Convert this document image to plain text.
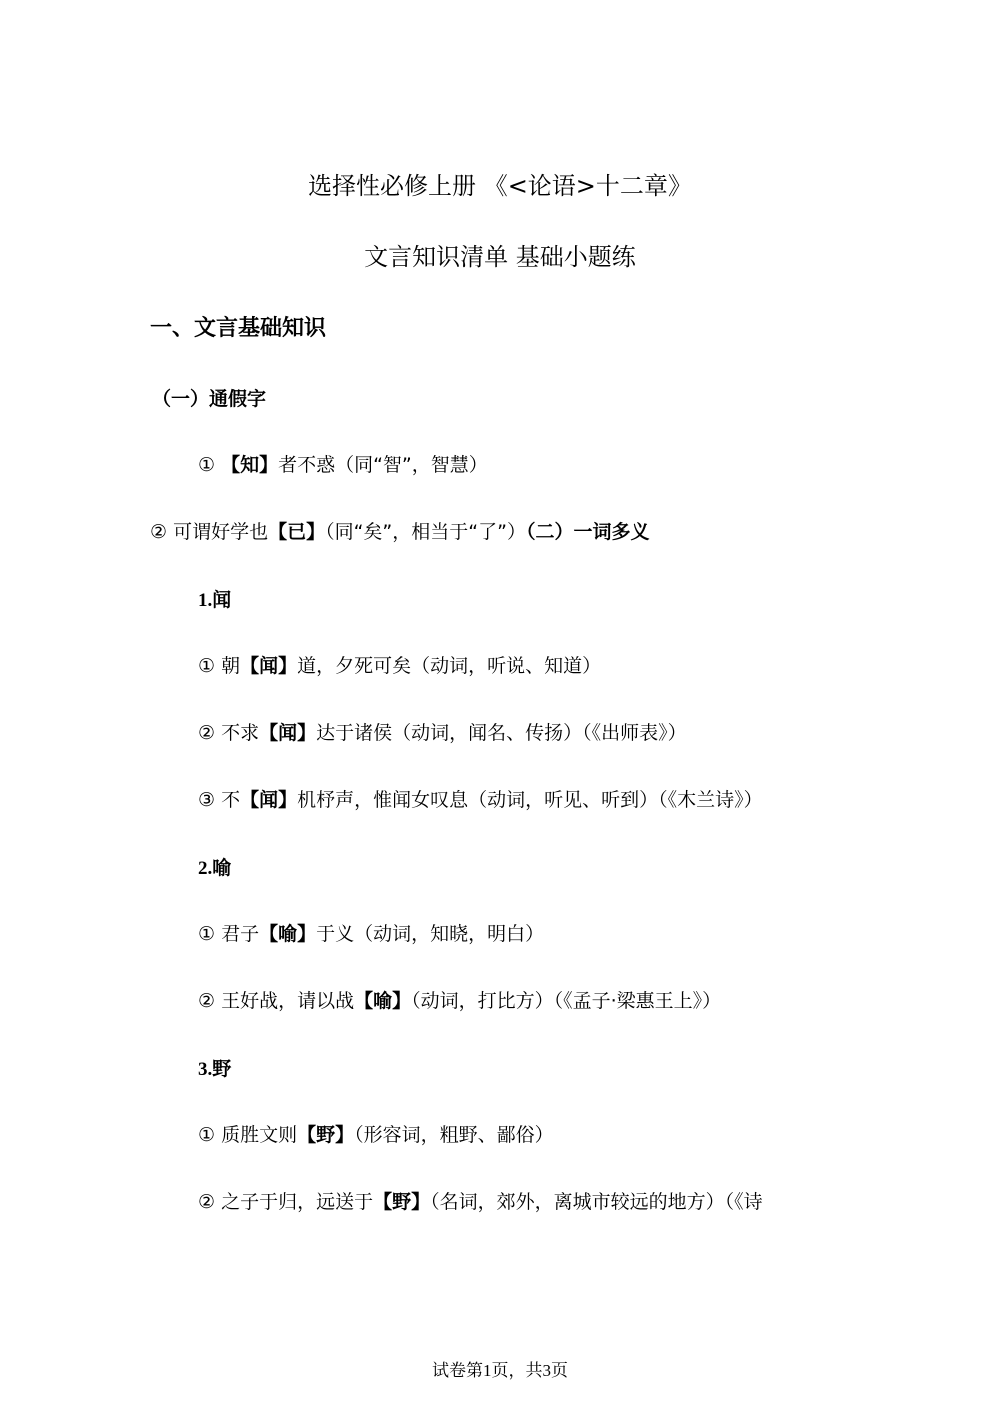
选择性必修上册 《<论语>十二章》
文言知识清单 基础小题练
一、文言基础知识
（一）通假字
① 【知】者不惑（同“智”，智慧）
② 可谓好学也【已】（同“矣”，相当于“了”）（二）一词多义
1.闻
① 朝【闻】道，夕死可矣（动词，听说、知道）
② 不求【闻】达于诸侯（动词，闻名、传扬）（《出师表》）
③ 不【闻】机杼声，惟闻女叹息（动词，听见、听到）（《木兰诗》）
2.喻
① 君子【喻】于义（动词，知晓，明白）
② 王好战，请以战【喻】（动词，打比方）（《孟子·梁惠王上》）
3.野
① 质胜文则【野】（形容词，粗野、鄙俗）
② 之子于归，远送于【野】（名词，郊外，离城市较远的地方）（《诗
试卷第1页，共3页
